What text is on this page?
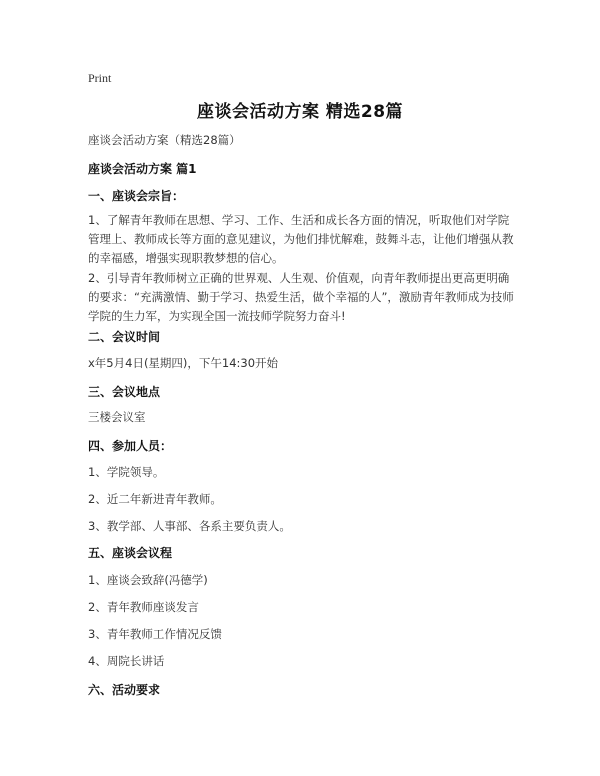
Print
座谈会活动方案 精选28篇
座谈会活动方案（精选28篇）
座谈会活动方案 篇1
一、座谈会宗旨：
1、了解青年教师在思想、学习、工作、生活和成长各方面的情况，听取他们对学院管理上、教师成长等方面的意见建议，为他们排忧解难，鼓舞斗志，让他们增强从教的幸福感，增强实现职教梦想的信心。
2、引导青年教师树立正确的世界观、人生观、价值观，向青年教师提出更高更明确的要求：“充满激情、勤于学习、热爱生活，做个幸福的人”，激励青年教师成为技师学院的生力军，为实现全国一流技师学院努力奋斗!
二、会议时间
x年5月4日(星期四)，下午14:30开始
三、会议地点
三楼会议室
四、参加人员：
1、学院领导。
2、近二年新进青年教师。
3、教学部、人事部、各系主要负责人。
五、座谈会议程
1、座谈会致辞(冯德学)
2、青年教师座谈发言
3、青年教师工作情况反馈
4、周院长讲话
六、活动要求
